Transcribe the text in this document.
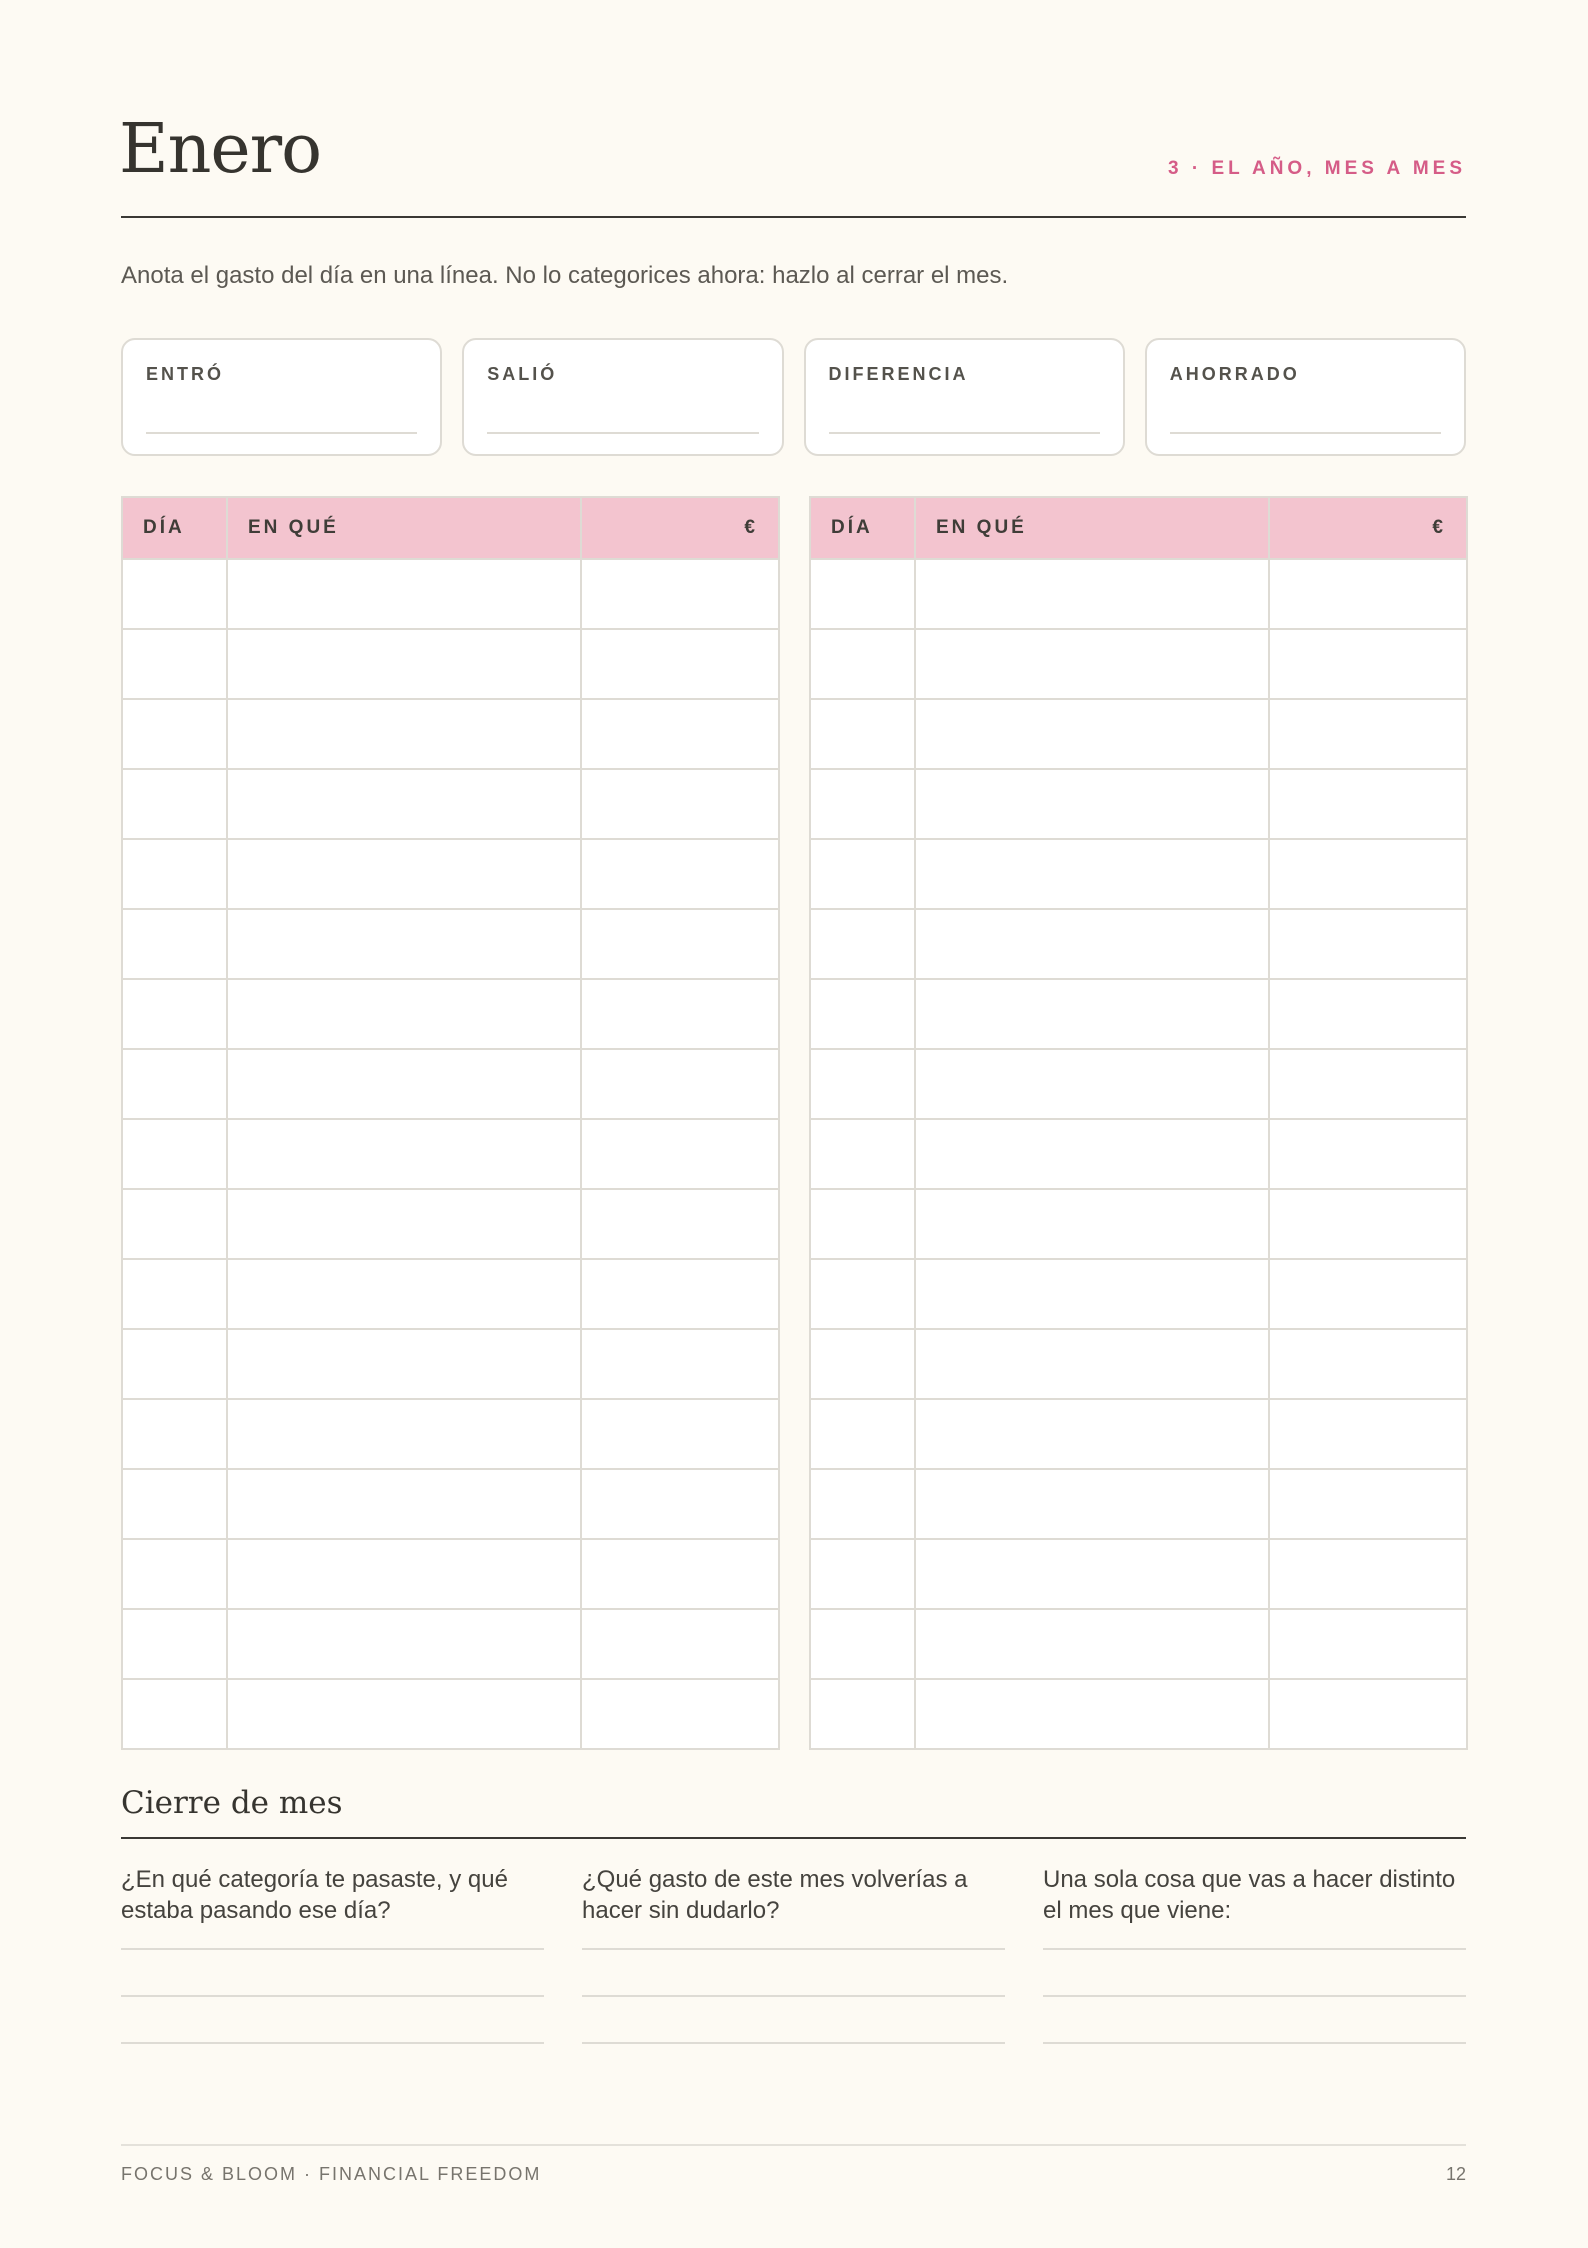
Enero	3 · EL AÑO, MES A MES
Anota el gasto del día en una línea. No lo categorices ahora: hazlo al cerrar el mes.
ENTRÓ	SALIÓ	DIFERENCIA	AHORRADO
DÍA	EN QUÉ	€

			DÍA	EN QUÉ	€

Cierre de mes
¿En qué categoría te pasaste, y qué estaba pasando ese día?
¿Qué gasto de este mes volverías a hacer sin dudarlo?
Una sola cosa que vas a hacer distinto el mes que viene:
FOCUS & BLOOM · FINANCIAL FREEDOM	12
